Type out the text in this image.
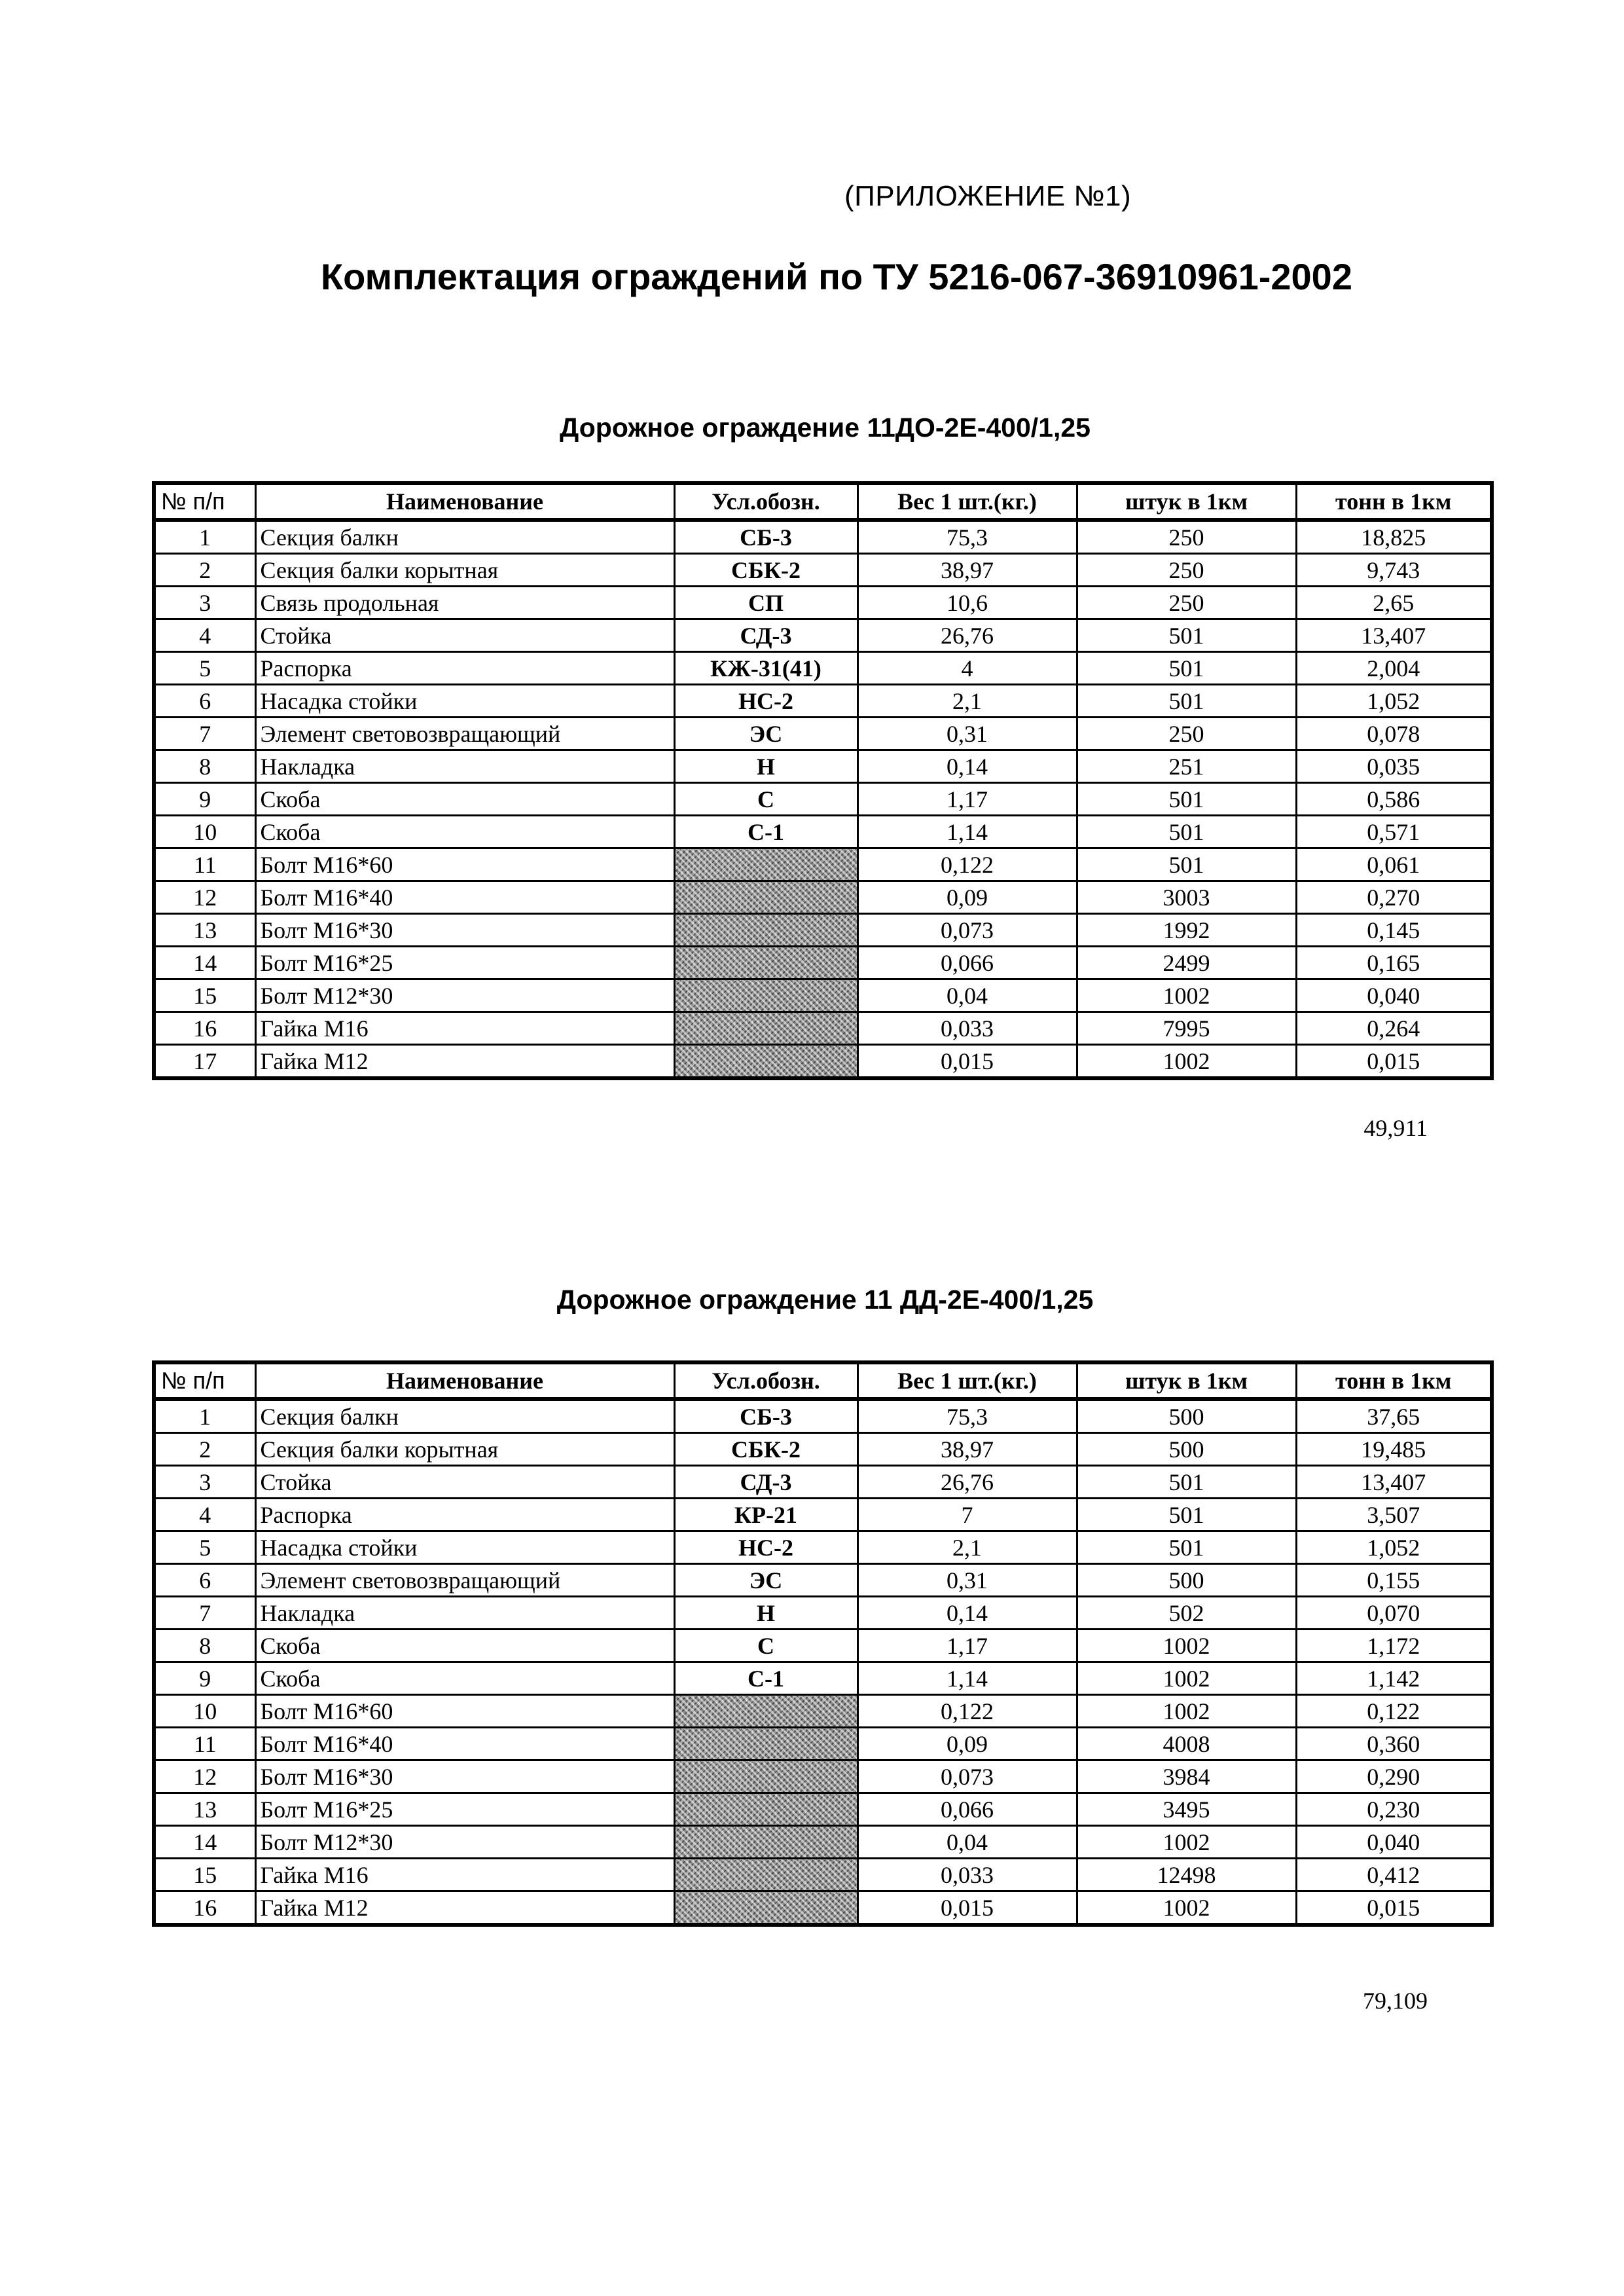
(ПРИЛОЖЕНИЕ №1)
Комплектация ограждений по ТУ 5216-067-36910961-2002
Дорожное ограждение 11ДО-2Е-400/1,25
№ п/п	Наименование	Усл.обозн.	Вес 1 шт.(кг.)	штук в 1км	тонн в 1км
1	Секция балкн	СБ-3	75,3	250	18,825
2	Секция балки корытная	СБК-2	38,97	250	9,743
3	Связь продольная	СП	10,6	250	2,65
4	Стойка	СД-3	26,76	501	13,407
5	Распорка	КЖ-31(41)	4	501	2,004
6	Насадка стойки	НС-2	2,1	501	1,052
7	Элемент световозвращающий	ЭС	0,31	250	0,078
8	Накладка	Н	0,14	251	0,035
9	Скоба	С	1,17	501	0,586
10	Скоба	С-1	1,14	501	0,571
11	Болт М16*60		0,122	501	0,061
12	Болт М16*40		0,09	3003	0,270
13	Болт М16*30		0,073	1992	0,145
14	Болт М16*25		0,066	2499	0,165
15	Болт М12*30		0,04	1002	0,040
16	Гайка М16		0,033	7995	0,264
17	Гайка М12		0,015	1002	0,015
49,911
Дорожное ограждение 11 ДД-2Е-400/1,25
№ п/п	Наименование	Усл.обозн.	Вес 1 шт.(кг.)	штук в 1км	тонн в 1км
1	Секция балкн	СБ-3	75,3	500	37,65
2	Секция балки корытная	СБК-2	38,97	500	19,485
3	Стойка	СД-3	26,76	501	13,407
4	Распорка	КР-21	7	501	3,507
5	Насадка стойки	НС-2	2,1	501	1,052
6	Элемент световозвращающий	ЭС	0,31	500	0,155
7	Накладка	Н	0,14	502	0,070
8	Скоба	С	1,17	1002	1,172
9	Скоба	С-1	1,14	1002	1,142
10	Болт М16*60		0,122	1002	0,122
11	Болт М16*40		0,09	4008	0,360
12	Болт М16*30		0,073	3984	0,290
13	Болт М16*25		0,066	3495	0,230
14	Болт М12*30		0,04	1002	0,040
15	Гайка М16		0,033	12498	0,412
16	Гайка М12		0,015	1002	0,015
79,109
